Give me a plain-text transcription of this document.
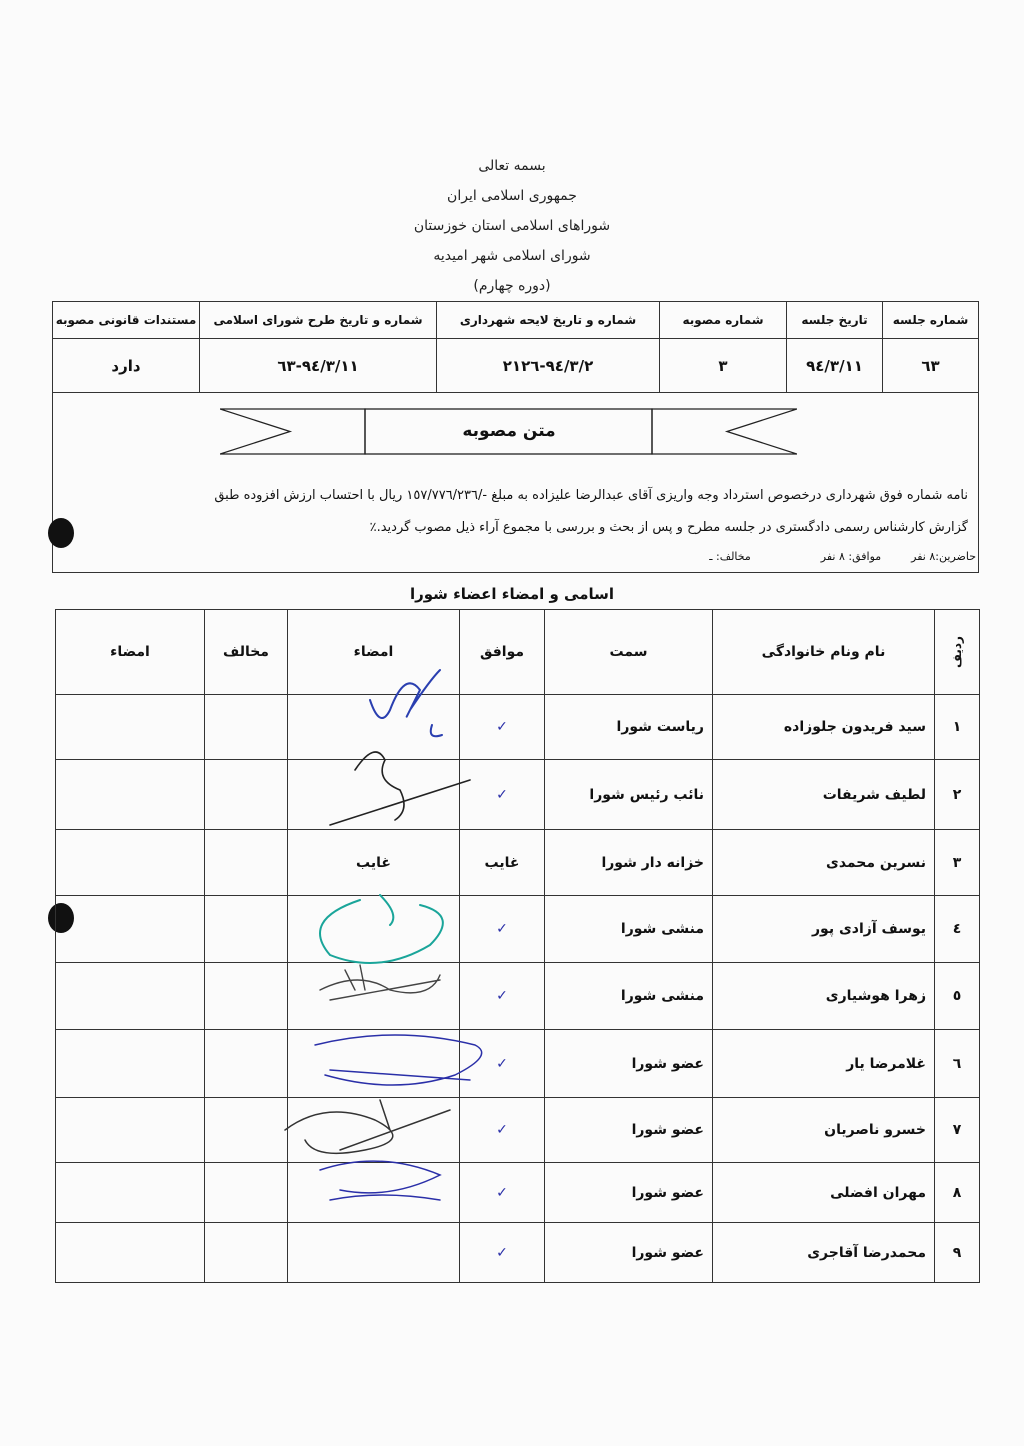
بسمه تعالی
جمهوری اسلامی ایران
شوراهای اسلامی استان خوزستان
شورای اسلامی شهر امیدیه
(دوره چهارم)
شماره جلسه	تاریخ جلسه	شماره مصوبه	شماره و تاریخ لایحه شهرداری	شماره و تاریخ طرح شورای اسلامی	مستندات قانونی مصوبه
٦٣	٩٤/٣/١١	٣	٩٤/٣/٢-٢١٢٦	٩٤/٣/١١-٦٣	دارد
متن مصوبه
نامه شماره فوق شهرداری درخصوص استرداد وجه واریزی آقای عبدالرضا علیزاده به مبلغ -/١٥٧/٧٧٦/٢٣٦ ریال با احتساب ارزش افزوده طبق
گزارش کارشناس رسمی دادگستری در جلسه مطرح و پس از بحث و بررسی با مجموع آراء ذیل مصوب گردید.٪
حاضرین:٨ نفر
موافق: ٨ نفر
مخالف: ـ
اسامی و امضاء اعضاء شورا
ردیف	نام ونام خانوادگی	سمت	موافق	امضاء	مخالف	امضاء
١	سید فریدون جلوزاده	ریاست شورا	✓			
٢	لطیف شریفات	نائب رئیس شورا	✓			
٣	نسرین محمدی	خزانه دار شورا	غایب	غایب		
٤	یوسف آزادی پور	منشی شورا	✓			
٥	زهرا هوشیاری	منشی شورا	✓			
٦	غلامرضا یار	عضو شورا	✓			
٧	خسرو ناصریان	عضو شورا	✓			
٨	مهران افضلی	عضو شورا	✓			
٩	محمدرضا آقاجری	عضو شورا	✓			
